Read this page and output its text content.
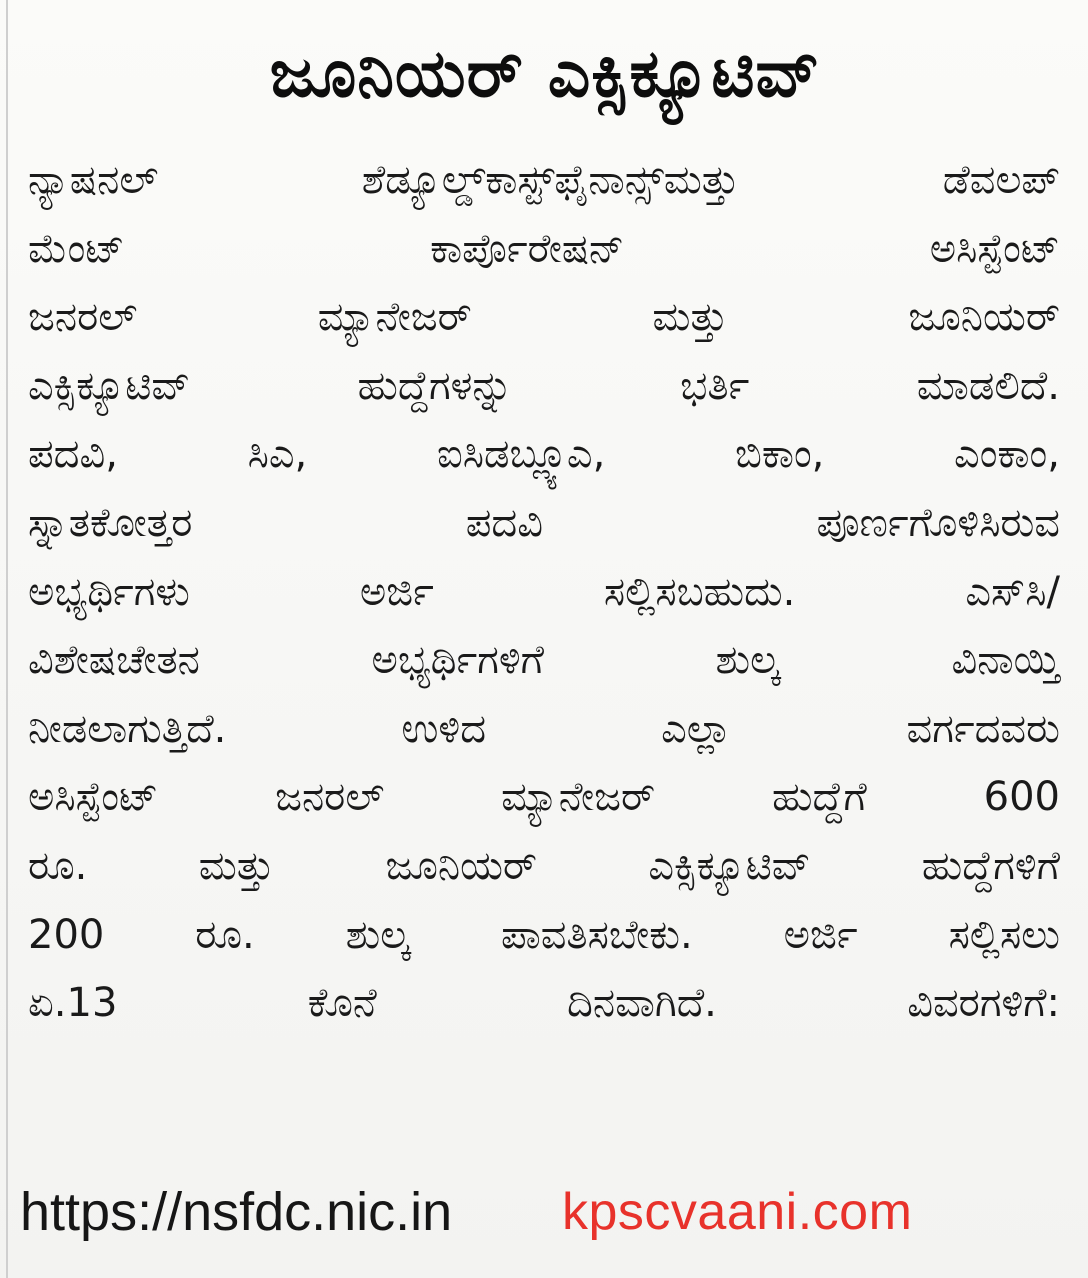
ಜೂನಿಯರ್ ಎಕ್ಸಿಕ್ಯೂಟಿವ್
ನ್ಯಾಷನಲ್	ಶೆಡ್ಯೂಲ್ಡ್‌ಕಾಸ್ಟ್‌ಫೈನಾನ್ಸ್‌ಮತ್ತು	ಡೆವಲಪ್
ಮೆಂಟ್	ಕಾರ್ಪೊರೇಷನ್	ಅಸಿಸ್ಟೆಂಟ್
ಜನರಲ್	ಮ್ಯಾನೇಜರ್	ಮತ್ತು	ಜೂನಿಯರ್
ಎಕ್ಸಿಕ್ಯೂಟಿವ್	ಹುದ್ದೆಗಳನ್ನು	ಭರ್ತಿ	ಮಾಡಲಿದೆ.
ಪದವಿ,	ಸಿಎ,	ಐಸಿಡಬ್ಲ್ಯೂಎ,	ಬಿಕಾಂ,	ಎಂಕಾಂ,
ಸ್ನಾತಕೋತ್ತರ	ಪದವಿ	ಪೂರ್ಣಗೊಳಿಸಿರುವ
ಅಭ್ಯರ್ಥಿಗಳು	ಅರ್ಜಿ	ಸಲ್ಲಿಸಬಹುದು.	ಎಸ್‌ಸಿ/
ವಿಶೇಷಚೇತನ	ಅಭ್ಯರ್ಥಿಗಳಿಗೆ	ಶುಲ್ಕ	ವಿನಾಯ್ತಿ
ನೀಡಲಾಗುತ್ತಿದೆ.	ಉಳಿದ	ಎಲ್ಲಾ	ವರ್ಗದವರು
ಅಸಿಸ್ಟೆಂಟ್	ಜನರಲ್	ಮ್ಯಾನೇಜರ್	ಹುದ್ದೆಗೆ	600
ರೂ.	ಮತ್ತು	ಜೂನಿಯರ್	ಎಕ್ಸಿಕ್ಯೂಟಿವ್	ಹುದ್ದೆಗಳಿಗೆ
200 ರೂ. ಶುಲ್ಕ ಪಾವತಿಸಬೇಕು. ಅರ್ಜಿ ಸಲ್ಲಿಸಲು
ಏ.13	ಕೊನೆ	ದಿನವಾಗಿದೆ.	ವಿವರಗಳಿಗೆ:
https://nsfdc.nic.in kpscvaani.com
